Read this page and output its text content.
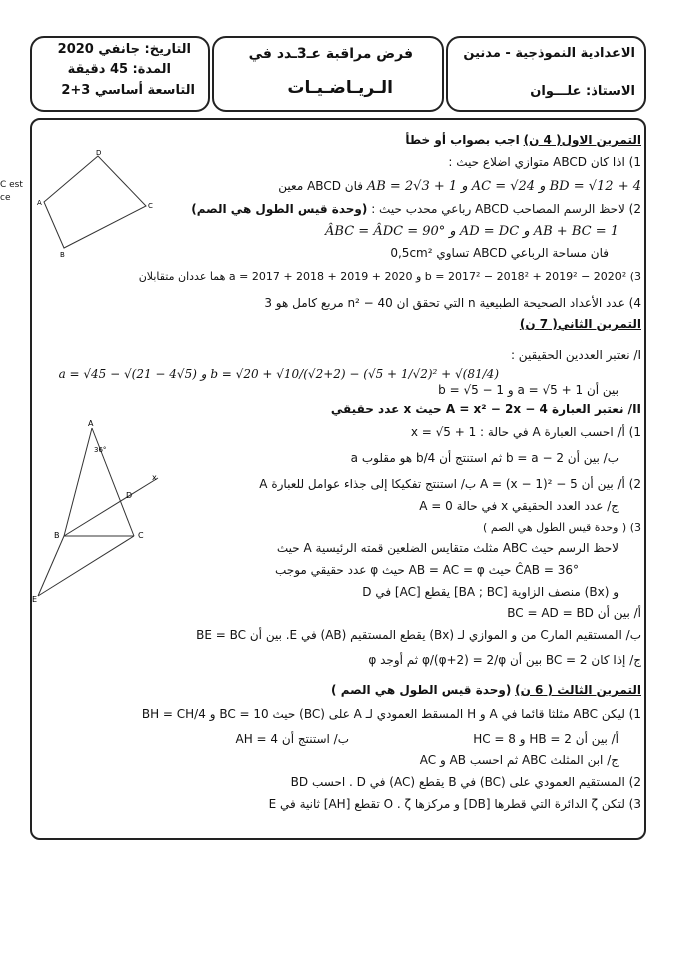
الاعدادية النموذجية - مدنين
الاستاذ: علـــوان
فرض مراقبة عـ3ـدد في
الـريـاضـيـات
التاريخ: جانفي 2020
المدة: 45 دقيقة
التاسعة أساسي 3+2
C est
ce
التمرين الاول( 4 ن) اجب بصواب أو خطأ
1) اذا كان ABCD متوازي اضلاع حيث :
AB = 2√3 + 1 و AC = √24 و BD = √12 + 4 فان ABCD معين
2) لاحظ الرسم المصاحب ABCD رباعي محدب حيث : (وحدة قيس الطول هي الصم)
ÂBC = ÂDC = 90° و AD = DC و AB + BC = 1
فان مساحة الرباعي ABCD تساوي 0,5cm²
3) b = 2017² − 2018² + 2019² − 2020² و a = 2017 + 2018 + 2019 + 2020 هما عددان متقابلان
4) عدد الأعداد الصحيحة الطبيعية n التي تحقق ان 40 − n² مربع كامل هو 3
D
A	C
B
التمرين الثاني( 7 ن)
I/ نعتبر العددين الحقيقين :
a = √45 − √(21 − 4√5) و b = √20 + √10/(√2+2) − (√5 + 1/√2)² + √(81/4)
بين أن a = √5 + 1 و b = √5 − 1
II/ نعتبر العبارة A = x² − 2x − 4 حيث x عدد حقيقي
1) أ/ احسب العبارة A في حالة : x = √5 + 1
ب/ بين أن b = a − 2 ثم استنتج أن b/4 هو مقلوب a
2) أ/ بين أن A = (x − 1)² − 5 ب/ استنتج تفكيكا إلى جذاء عوامل للعبارة A
ج/ عدد العدد الحقيقي x في حالة A = 0
3) ( وحدة قيس الطول هي الصم )
لاحظ الرسم حيث ABC مثلث متقايس الضلعين قمته الرئيسية A حيث
ĈAB = 36° حيث AB = AC = φ حيث φ عدد حقيقي موجب
و (Bx) منصف الزاوية [BA ; BC] يقطع [AC] في D
أ/ بين أن BC = AD = BD
ب/ المستقيم المارC من و الموازي لـ (Bx) يقطع المستقيم (AB) في E. بين أن BE = BC
ج/ إذا كان BC = 2 بين أن φ/(φ+2) = 2/φ ثم أوجد φ
A
36°
x
D
B	C
E
التمرين الثالث ( 6 ن) (وحدة قيس الطول هي الصم )
1) ليكن ABC مثلثا قائما في A و H المسقط العمودي لـ A على (BC) حيث BC = 10 و BH = CH/4
أ/ بين أن HB = 2 و HC = 8
ب/ استنتج أن AH = 4
ج/ ابن المثلث ABC ثم احسب AB و AC
2) المستقيم العمودي على (BC) في B يقطع (AC) في D . احسب BD
3) لتكن ζ الدائرة التي قطرها [DB] و مركزها O . ζ تقطع [AH] ثانية في E
